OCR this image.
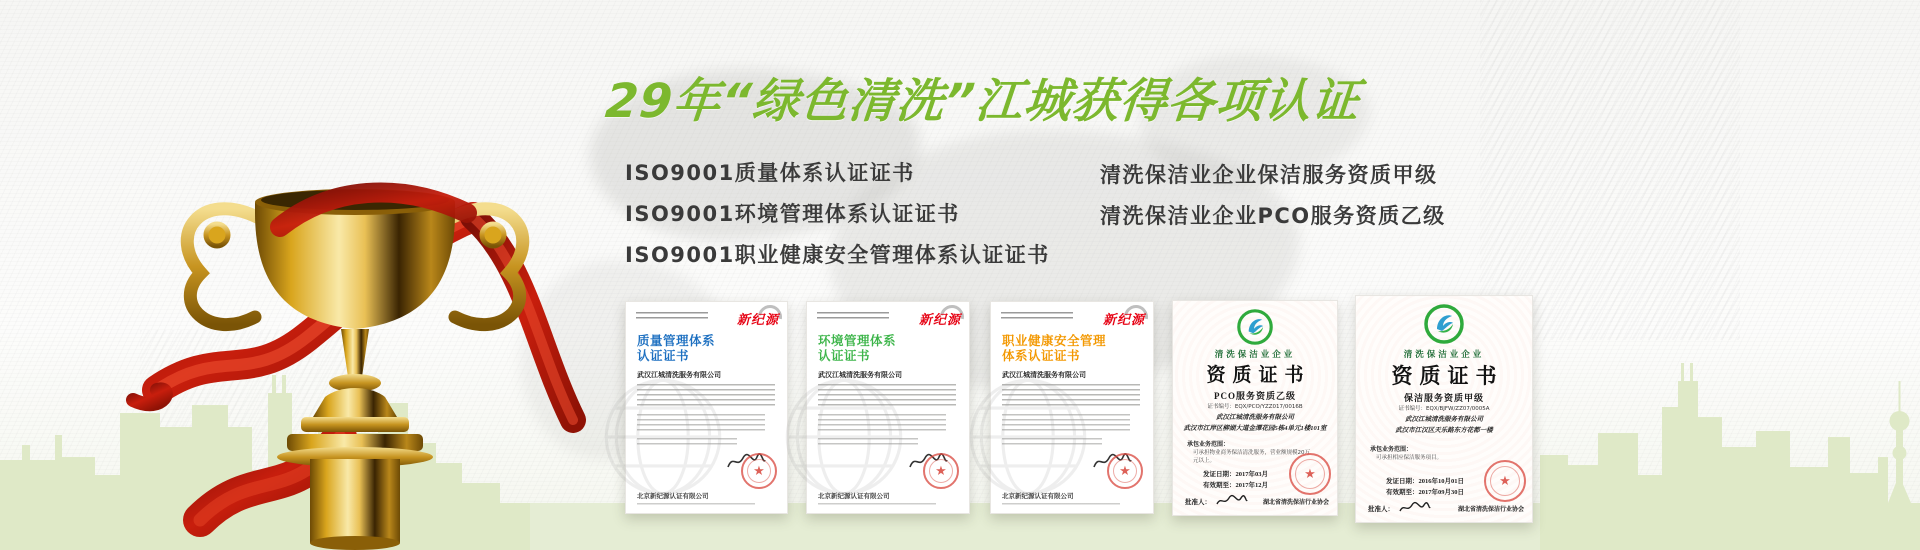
29年“绿色清洗”江城获得各项认证
ISO9001质量体系认证证书
ISO9001环境管理体系认证证书
ISO9001职业健康安全管理体系认证证书
清洗保洁业企业保洁服务资质甲级
清洗保洁业企业PCO服务资质乙级
新纪源
质量管理体系
认证证书
武汉江城清洗服务有限公司
★
北京新纪源认证有限公司
新纪源
环境管理体系
认证证书
武汉江城清洗服务有限公司
★
北京新纪源认证有限公司
新纪源
职业健康安全管理
体系认证证书
武汉江城清洗服务有限公司
★
北京新纪源认证有限公司
清洗保洁业企业
资质证书
PCO服务资质乙级
证书编号：EQX/PCO/YZZ017/0016B
武汉江城清洗服务有限公司
武汉市江岸区柳湖大道金潭花园5栋4单元1楼101室
承包业务范围：
可承担物业商务保洁清洗服务，营业额规模20万元以上。
发证日期：2017年03月
有效期至：2017年12月
批准人：	湖北省清洗保洁行业协会
★
清洗保洁业企业
资质证书
保洁服务资质甲级
证书编号：EQX/BJFW/ZZ07/0005A
武汉江城清洗服务有限公司
武汉市江汉区天乐路东方花都一楼
承包业务范围：
可承担相应保洁服务项目。
发证日期：2016年10月01日
有效期至：2017年09月30日
批准人：	湖北省清洗保洁行业协会
★
